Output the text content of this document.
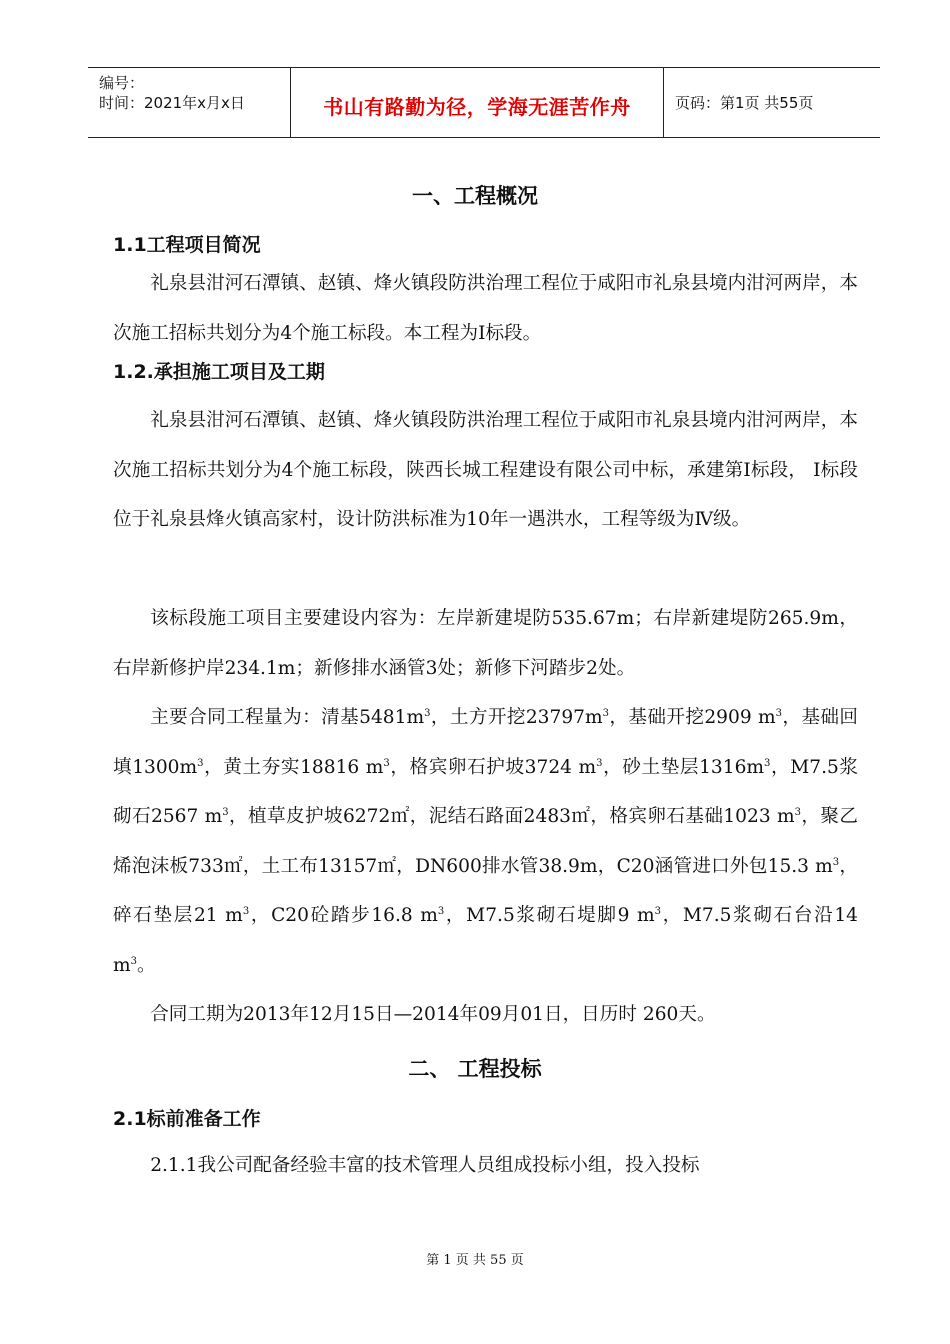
编号：
时间：2021年x月x日	书山有路勤为径，学海无涯苦作舟	页码：第1页 共55页
一、工程概况
1.1工程项目简况

礼泉县泔河石潭镇、赵镇、烽火镇段防洪治理工程位于咸阳市礼泉县境内泔河两岸，本次施工招标共划分为4个施工标段。本工程为Ⅰ标段。

1.2.承担施工项目及工期

礼泉县泔河石潭镇、赵镇、烽火镇段防洪治理工程位于咸阳市礼泉县境内泔河两岸，本次施工招标共划分为4个施工标段，陕西长城工程建设有限公司中标，承建第Ⅰ标段， Ⅰ标段位于礼泉县烽火镇高家村，设计防洪标准为10年一遇洪水，工程等级为Ⅳ级。

该标段施工项目主要建设内容为：左岸新建堤防535.67m；右岸新建堤防265.9m，右岸新修护岸234.1m；新修排水涵管3处；新修下河踏步2处。

主要合同工程量为：清基$5481m^3$，土方开挖$23797m^3$，基础开挖2909 $m^3$，基础回填$1300m^3$，黄土夯实18816 $m^3$，格宾卵石护坡3724 $m^3$，砂土垫层$1316m^3$，M7.5浆砌石2567 $m^3$，植草皮护坡6272㎡，泥结石路面2483㎡，格宾卵石基础1023 $m^3$，聚乙烯泡沫板733㎡，土工布13157㎡，DN600排水管38.9m，C20涵管进口外包15.3 $m^3$，碎石垫层21 $m^3$，C20砼踏步16.8 $m^3$，M7.5浆砌石堤脚9 $m^3$，M7.5浆砌石台沿14 $m^3$。

合同工期为2013年12月15日—2014年09月01日，日历时 260天。

二、 工程投标
2.1标前准备工作

2.1.1我公司配备经验丰富的技术管理人员组成投标小组，投入投标

第 1 页 共 55 页
